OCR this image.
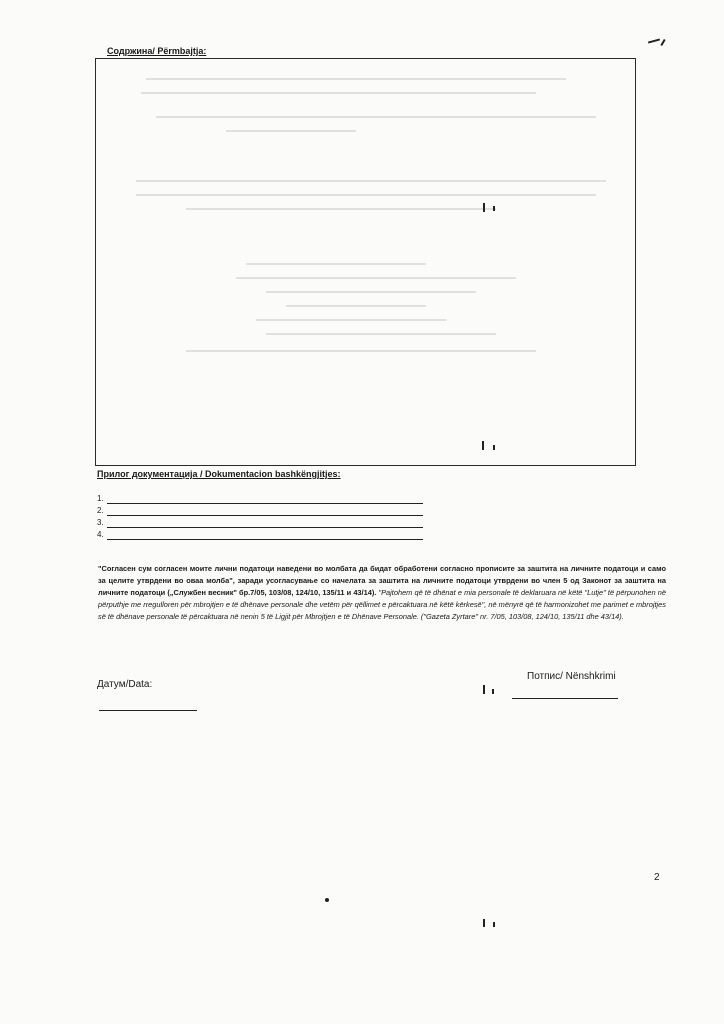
Содржина/ Përmbajtja:
Прилог документација / Dokumentacion bashkëngjitjes:
1.
2.
3.
4.
"Согласен сум согласен моите лични податоци наведени во молбата да бидат обработени согласно прописите за заштита на личните податоци и само за целите утврдени во оваа молба", заради усогласување со начелата за заштита на личните податоци утврдени во член 5 од Законот за заштита на личните податоци („Службен весник" бр.7/05, 103/08, 124/10, 135/11 и 43/14). "Pajtohem që të dhënat e mia personale të deklaruara në këtë "Lutje" të përpunohen në përputhje me rregulloren për mbrojtjen e të dhënave personale dhe vetëm për qëllimet e përcaktuara në këtë kërkesë", në mënyrë që të harmonizohet me parimet e mbrojtjes së të dhënave personale të përcaktuara në nenin 5 të Ligjit për Mbrojtjen e të Dhënave Personale. ("Gazeta Zyrtare" nr. 7/05, 103/08, 124/10, 135/11 dhe 43/14).
Датум/Data:
Потпис/ Nënshkrimi
2
